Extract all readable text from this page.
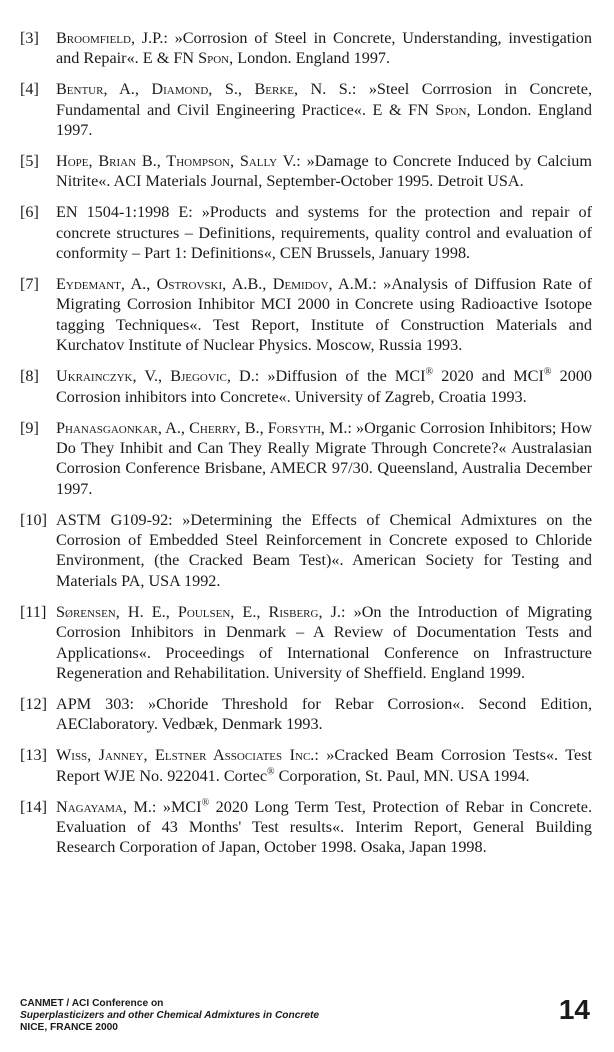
[3]	Broomfield, J.P.: »Corrosion of Steel in Concrete, Understanding, investigation and Repair«. E & FN Spon, London. England 1997.
[4]	Bentur, A., Diamond, S., Berke, N. S.: »Steel Corrrosion in Concrete, Fundamental and Civil Engineering Practice«. E & FN Spon, London. England 1997.
[5]	Hope, Brian B., Thompson, Sally V.: »Damage to Concrete Induced by Calcium Nitrite«. ACI Materials Journal, September-October 1995. Detroit USA.
[6]	EN 1504-1:1998 E: »Products and systems for the protection and repair of concrete structures – Definitions, requirements, quality control and evaluation of conformity – Part 1: Definitions«, CEN Brussels, January 1998.
[7]	Eydemant, A., Ostrovski, A.B., Demidov, A.M.: »Analysis of Diffusion Rate of Migrating Corrosion Inhibitor MCI 2000 in Concrete using Radioactive Isotope tagging Techniques«. Test Report, Institute of Construction Materials and Kurchatov Institute of Nuclear Physics. Moscow, Russia 1993.
[8]	Ukrainczyk, V., Bjegovic, D.: »Diffusion of the MCI® 2020 and MCI® 2000 Corrosion inhibitors into Concrete«. University of Zagreb, Croatia 1993.
[9]	Phanasgaonkar, A., Cherry, B., Forsyth, M.: »Organic Corrosion Inhibitors; How Do They Inhibit and Can They Really Migrate Through Concrete?« Australasian Corrosion Conference Brisbane, AMECR 97/30. Queensland, Australia December 1997.
[10] ASTM G109-92: »Determining the Effects of Chemical Admixtures on the Corrosion of Embedded Steel Reinforcement in Concrete exposed to Chloride Environment, (the Cracked Beam Test)«. American Society for Testing and Materials PA, USA 1992.
[11] Sørensen, H. E., Poulsen, E., Risberg, J.: »On the Introduction of Migrating Corrosion Inhibitors in Denmark – A Review of Documentation Tests and Applications«. Proceedings of International Conference on Infrastructure Regeneration and Rehabilitation. University of Sheffield. England 1999.
[12] APM 303: »Choride Threshold for Rebar Corrosion«. Second Edition, AEClaboratory. Vedbæk, Denmark 1993.
[13] Wiss, Janney, Elstner Associates Inc.: »Cracked Beam Corrosion Tests«. Test Report WJE No. 922041. Cortec® Corporation, St. Paul, MN. USA 1994.
[14] Nagayama, M.: »MCI® 2020 Long Term Test, Protection of Rebar in Concrete. Evaluation of 43 Months' Test results«. Interim Report, General Building Research Corporation of Japan, October 1998. Osaka, Japan 1998.
CANMET / ACI Conference on
Superplasticizers and other Chemical Admixtures in Concrete
NICE, FRANCE 2000
14
